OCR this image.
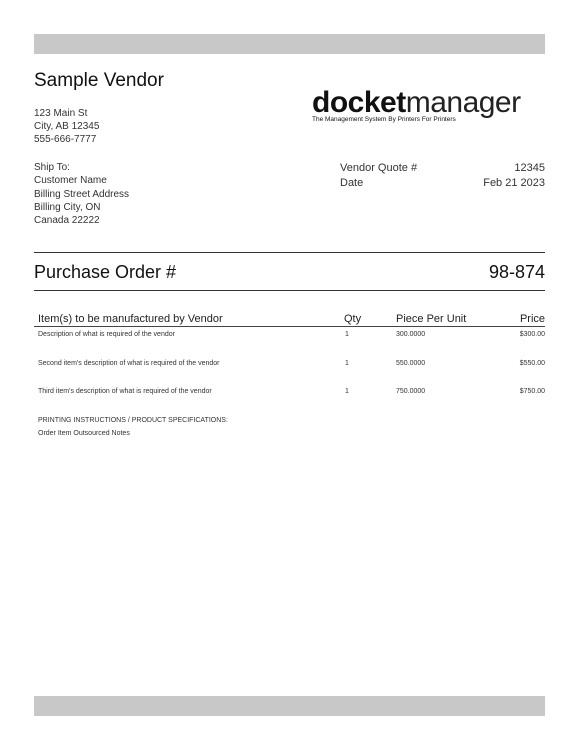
Sample Vendor
123 Main St
City, AB 12345
555-666-7777
docketmanager
The Management System By Printers For Printers
Ship To:
Customer Name
Billing Street Address
Billing City, ON
Canada 22222
Vendor Quote #	12345
Date	Feb 21 2023
Purchase Order #	98-874
Item(s) to be manufactured by Vendor	Qty	Piece Per Unit	Price
Description of what is required of the vendor	1	300.0000	$300.00
Second item's description of what is required of the vendor	1	550.0000	$550.00
Third item's description of what is required of the vendor	1	750.0000	$750.00
PRINTING INSTRUCTIONS / PRODUCT SPECIFICATIONS:
Order Item Outsourced Notes
